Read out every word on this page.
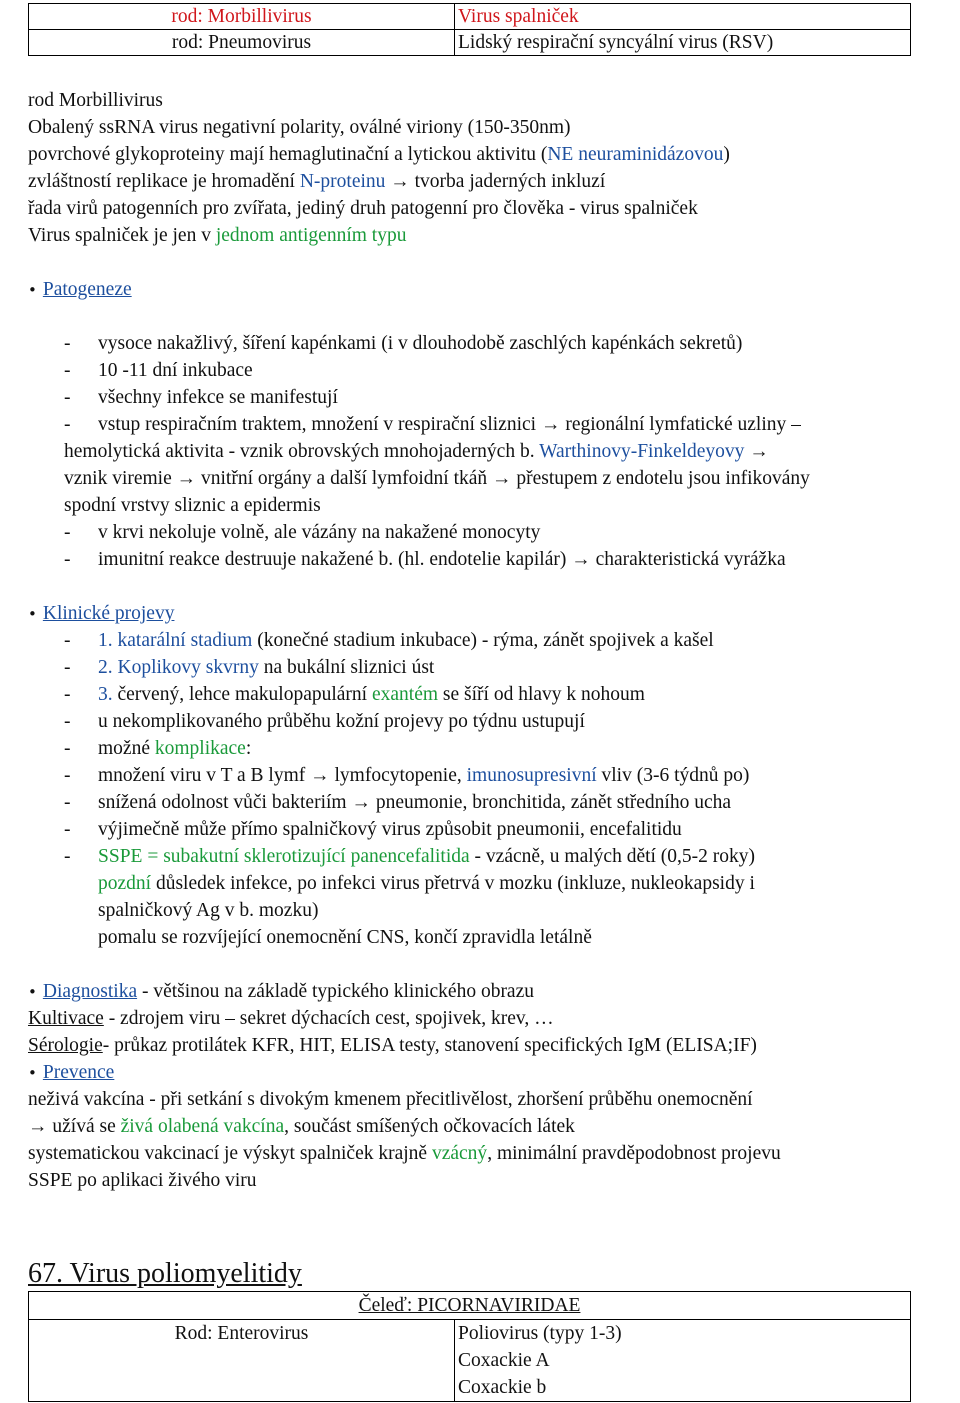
rod: Morbillivirus	Virus spalniček
rod: Pneumovirus	Lidský respirační syncyální virus (RSV)
rod Morbillivirus
Obalený ssRNA virus negativní polarity, oválné viriony (150-350nm)
povrchové glykoproteiny mají hemaglutinační a lytickou aktivitu (NE neuraminidázovou)
zvláštností replikace je hromadění N-proteinu → tvorba jaderných inkluzí
řada virů patogenních pro zvířata, jediný druh patogenní pro člověka - virus spalniček
Virus spalniček je jen v jednom antigenním typu
• Patogeneze
- vysoce nakažlivý, šíření kapénkami (i v dlouhodobě zaschlých kapénkách sekretů)
- 10 -11 dní inkubace
- všechny infekce se manifestují
- vstup respiračním traktem, množení v respirační sliznici → regionální lymfatické uzliny –
hemolytická aktivita - vznik obrovských mnohojaderných b. Warthinovy-Finkeldeyovy →
vznik viremie → vnitřní orgány a další lymfoidní tkáň → přestupem z endotelu jsou infikovány
spodní vrstvy sliznic a epidermis
- v krvi nekoluje volně, ale vázány na nakažené monocyty
- imunitní reakce destruuje nakažené b. (hl. endotelie kapilár) → charakteristická vyrážka
• Klinické projevy
- 1. katarální stadium (konečné stadium inkubace) - rýma, zánět spojivek a kašel
- 2. Koplikovy skvrny na bukální sliznici úst
- 3. červený, lehce makulopapulární exantém se šíří od hlavy k nohoum
- u nekomplikovaného průběhu kožní projevy po týdnu ustupují
- možné komplikace:
- množení viru v T a B lymf → lymfocytopenie, imunosupresivní vliv (3-6 týdnů po)
- snížená odolnost vůči bakteriím → pneumonie, bronchitida, zánět středního ucha
- výjimečně může přímo spalničkový virus způsobit pneumonii, encefalitidu
- SSPE = subakutní sklerotizující panencefalitida - vzácně, u malých dětí (0,5-2 roky)
pozdní důsledek infekce, po infekci virus přetrvá v mozku (inkluze, nukleokapsidy i
spalničkový Ag v b. mozku)
pomalu se rozvíjející onemocnění CNS, končí zpravidla letálně
• Diagnostika - většinou na základě typického klinického obrazu
Kultivace - zdrojem viru – sekret dýchacích cest, spojivek, krev, …
Sérologie- průkaz protilátek KFR, HIT, ELISA testy, stanovení specifických IgM (ELISA;IF)
• Prevence
neživá vakcína - při setkání s divokým kmenem přecitlivělost, zhoršení průběhu onemocnění
→ užívá se živá olabená vakcína, součást smíšených očkovacích látek
systematickou vakcinací je výskyt spalniček krajně vzácný, minimální pravděpodobnost projevu
SSPE po aplikaci živého viru
67. Virus poliomyelitidy
Čeleď: PICORNAVIRIDAE
Rod: Enterovirus	Poliovirus (typy 1-3)
Coxackie A
Coxackie b
